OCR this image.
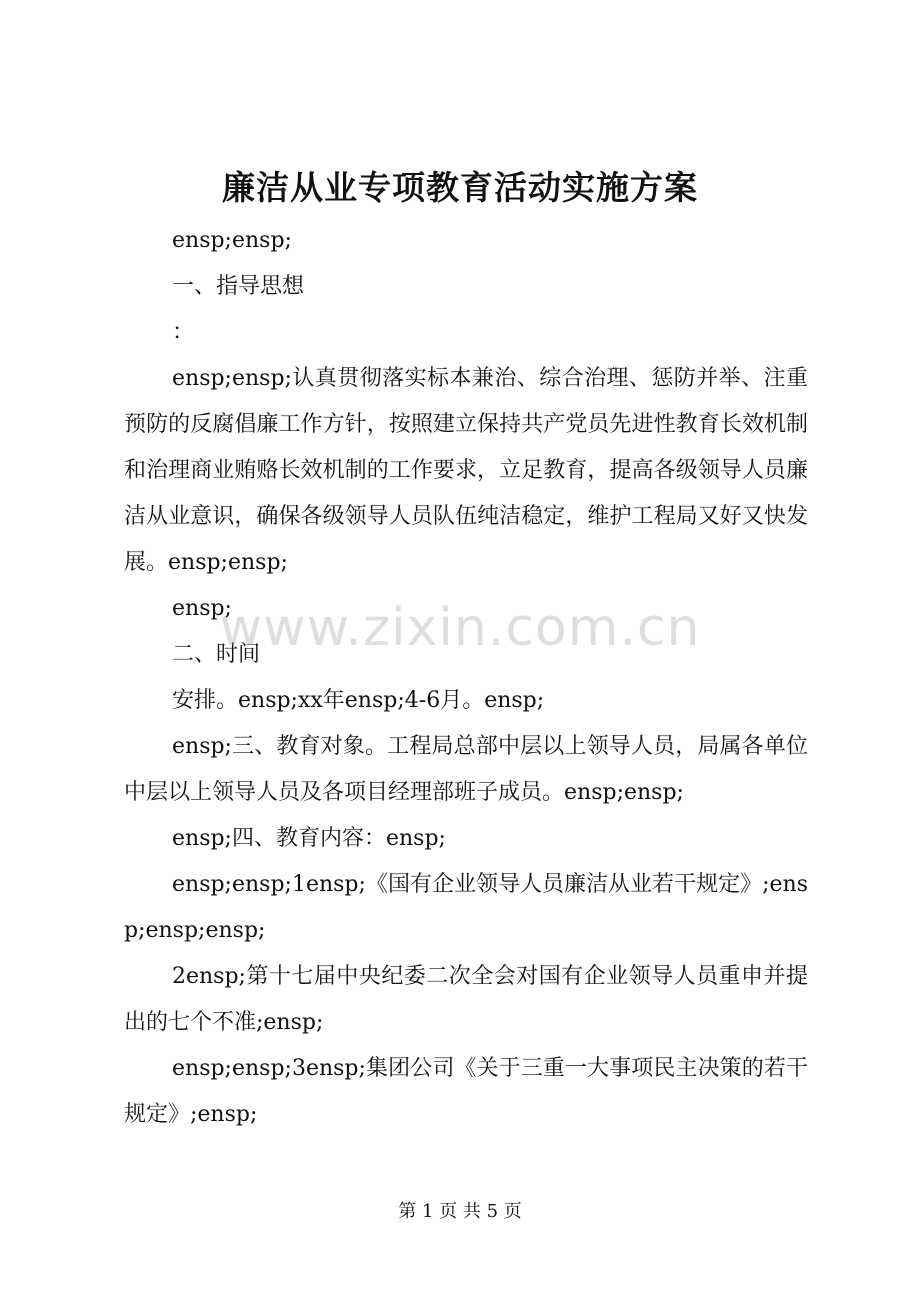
廉洁从业专项教育活动实施方案

ensp;ensp;

一、指导思想

：

ensp;ensp;认真贯彻落实标本兼治、综合治理、惩防并举、注重预防的反腐倡廉工作方针，按照建立保持共产党员先进性教育长效机制和治理商业贿赂长效机制的工作要求，立足教育，提高各级领导人员廉洁从业意识，确保各级领导人员队伍纯洁稳定，维护工程局又好又快发展。ensp;ensp;

ensp;

二、时间

安排。ensp;xx年ensp;4-6月。ensp;

ensp;三、教育对象。工程局总部中层以上领导人员，局属各单位中层以上领导人员及各项目经理部班子成员。ensp;ensp;

ensp;四、教育内容：ensp;

ensp;ensp;1ensp;《国有企业领导人员廉洁从业若干规定》;ensp;ensp;ensp;

2ensp;第十七届中央纪委二次全会对国有企业领导人员重申并提出的七个不准;ensp;

ensp;ensp;3ensp;集团公司《关于三重一大事项民主决策的若干规定》;ensp;

www.zixin.com.cn
第 1 页 共 5 页
